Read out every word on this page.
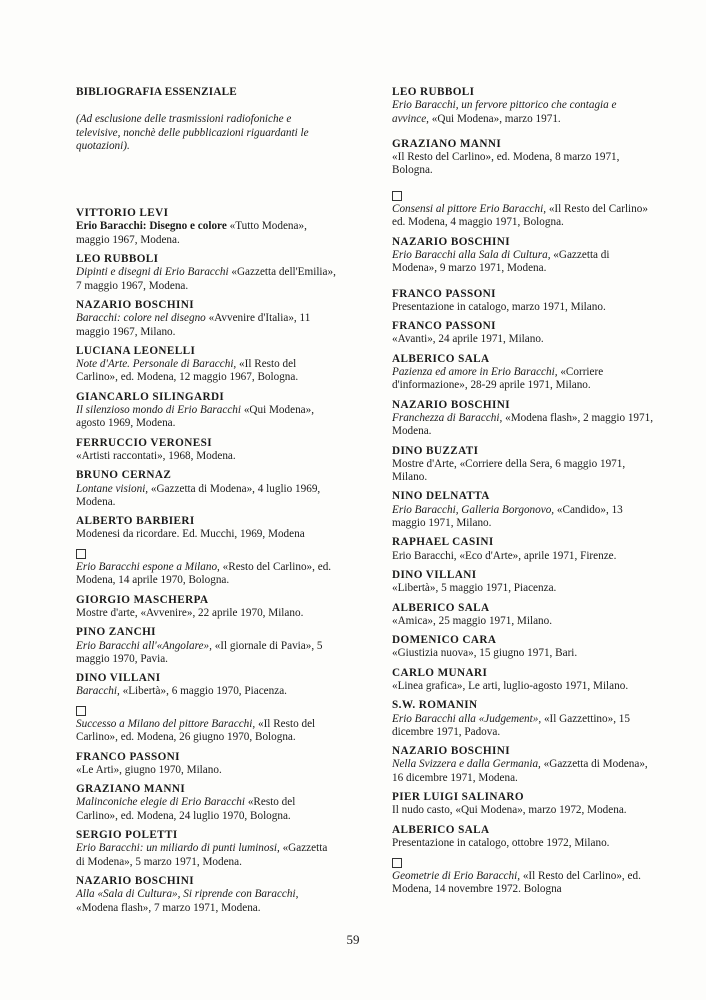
BIBLIOGRAFIA ESSENZIALE
(Ad esclusione delle trasmissioni radiofoniche e televisive, nonchè delle pubblicazioni riguardanti le quotazioni).
VITTORIO LEVI
Erio Baracchi: Disegno e colore «Tutto Modena», maggio 1967, Modena.
LEO RUBBOLI
Dipinti e disegni di Erio Baracchi «Gazzetta dell'Emilia», 7 maggio 1967, Modena.
NAZARIO BOSCHINI
Baracchi: colore nel disegno «Avvenire d'Italia», 11 maggio 1967, Milano.
LUCIANA LEONELLI
Note d'Arte. Personale di Baracchi, «Il Resto del Carlino», ed. Modena, 12 maggio 1967, Bologna.
GIANCARLO SILINGARDI
Il silenzioso mondo di Erio Baracchi «Qui Modena», agosto 1969, Modena.
FERRUCCIO VERONESI
«Artisti raccontati», 1968, Modena.
BRUNO CERNAZ
Lontane visioni, «Gazzetta di Modena», 4 luglio 1969, Modena.
ALBERTO BARBIERI
Modenesi da ricordare. Ed. Mucchi, 1969, Modena
Erio Baracchi espone a Milano, «Resto del Carlino», ed. Modena, 14 aprile 1970, Bologna.
GIORGIO MASCHERPA
Mostre d'arte, «Avvenire», 22 aprile 1970, Milano.
PINO ZANCHI
Erio Baracchi all'«Angolare», «Il giornale di Pavia», 5 maggio 1970, Pavia.
DINO VILLANI
Baracchi, «Libertà», 6 maggio 1970, Piacenza.
Successo a Milano del pittore Baracchi, «Il Resto del Carlino», ed. Modena, 26 giugno 1970, Bologna.
FRANCO PASSONI
«Le Arti», giugno 1970, Milano.
GRAZIANO MANNI
Malinconiche elegie di Erio Baracchi «Resto del Carlino», ed. Modena, 24 luglio 1970, Bologna.
SERGIO POLETTI
Erio Baracchi: un miliardo di punti luminosi, «Gazzetta di Modena», 5 marzo 1971, Modena.
NAZARIO BOSCHINI
Alla «Sala di Cultura», Si riprende con Baracchi, «Modena flash», 7 marzo 1971, Modena.
LEO RUBBOLI
Erio Baracchi, un fervore pittorico che contagia e avvince, «Qui Modena», marzo 1971.
GRAZIANO MANNI
«Il Resto del Carlino», ed. Modena, 8 marzo 1971, Bologna.
Consensi al pittore Erio Baracchi, «Il Resto del Carlino» ed. Modena, 4 maggio 1971, Bologna.
NAZARIO BOSCHINI
Erio Baracchi alla Sala di Cultura, «Gazzetta di Modena», 9 marzo 1971, Modena.
FRANCO PASSONI
Presentazione in catalogo, marzo 1971, Milano.
FRANCO PASSONI
«Avanti», 24 aprile 1971, Milano.
ALBERICO SALA
Pazienza ed amore in Erio Baracchi, «Corriere d'informazione», 28-29 aprile 1971, Milano.
NAZARIO BOSCHINI
Franchezza di Baracchi, «Modena flash», 2 maggio 1971, Modena.
DINO BUZZATI
Mostre d'Arte, «Corriere della Sera, 6 maggio 1971, Milano.
NINO DELNATTA
Erio Baracchi, Galleria Borgonovo, «Candido», 13 maggio 1971, Milano.
RAPHAEL CASINI
Erio Baracchi, «Eco d'Arte», aprile 1971, Firenze.
DINO VILLANI
«Libertà», 5 maggio 1971, Piacenza.
ALBERICO SALA
«Amica», 25 maggio 1971, Milano.
DOMENICO CARA
«Giustizia nuova», 15 giugno 1971, Bari.
CARLO MUNARI
«Linea grafica», Le arti, luglio-agosto 1971, Milano.
S.W. ROMANIN
Erio Baracchi alla «Judgement», «Il Gazzettino», 15 dicembre 1971, Padova.
NAZARIO BOSCHINI
Nella Svizzera e dalla Germania, «Gazzetta di Modena», 16 dicembre 1971, Modena.
PIER LUIGI SALINARO
Il nudo casto, «Qui Modena», marzo 1972, Modena.
ALBERICO SALA
Presentazione in catalogo, ottobre 1972, Milano.
Geometrie di Erio Baracchi, «Il Resto del Carlino», ed. Modena, 14 novembre 1972. Bologna
59
